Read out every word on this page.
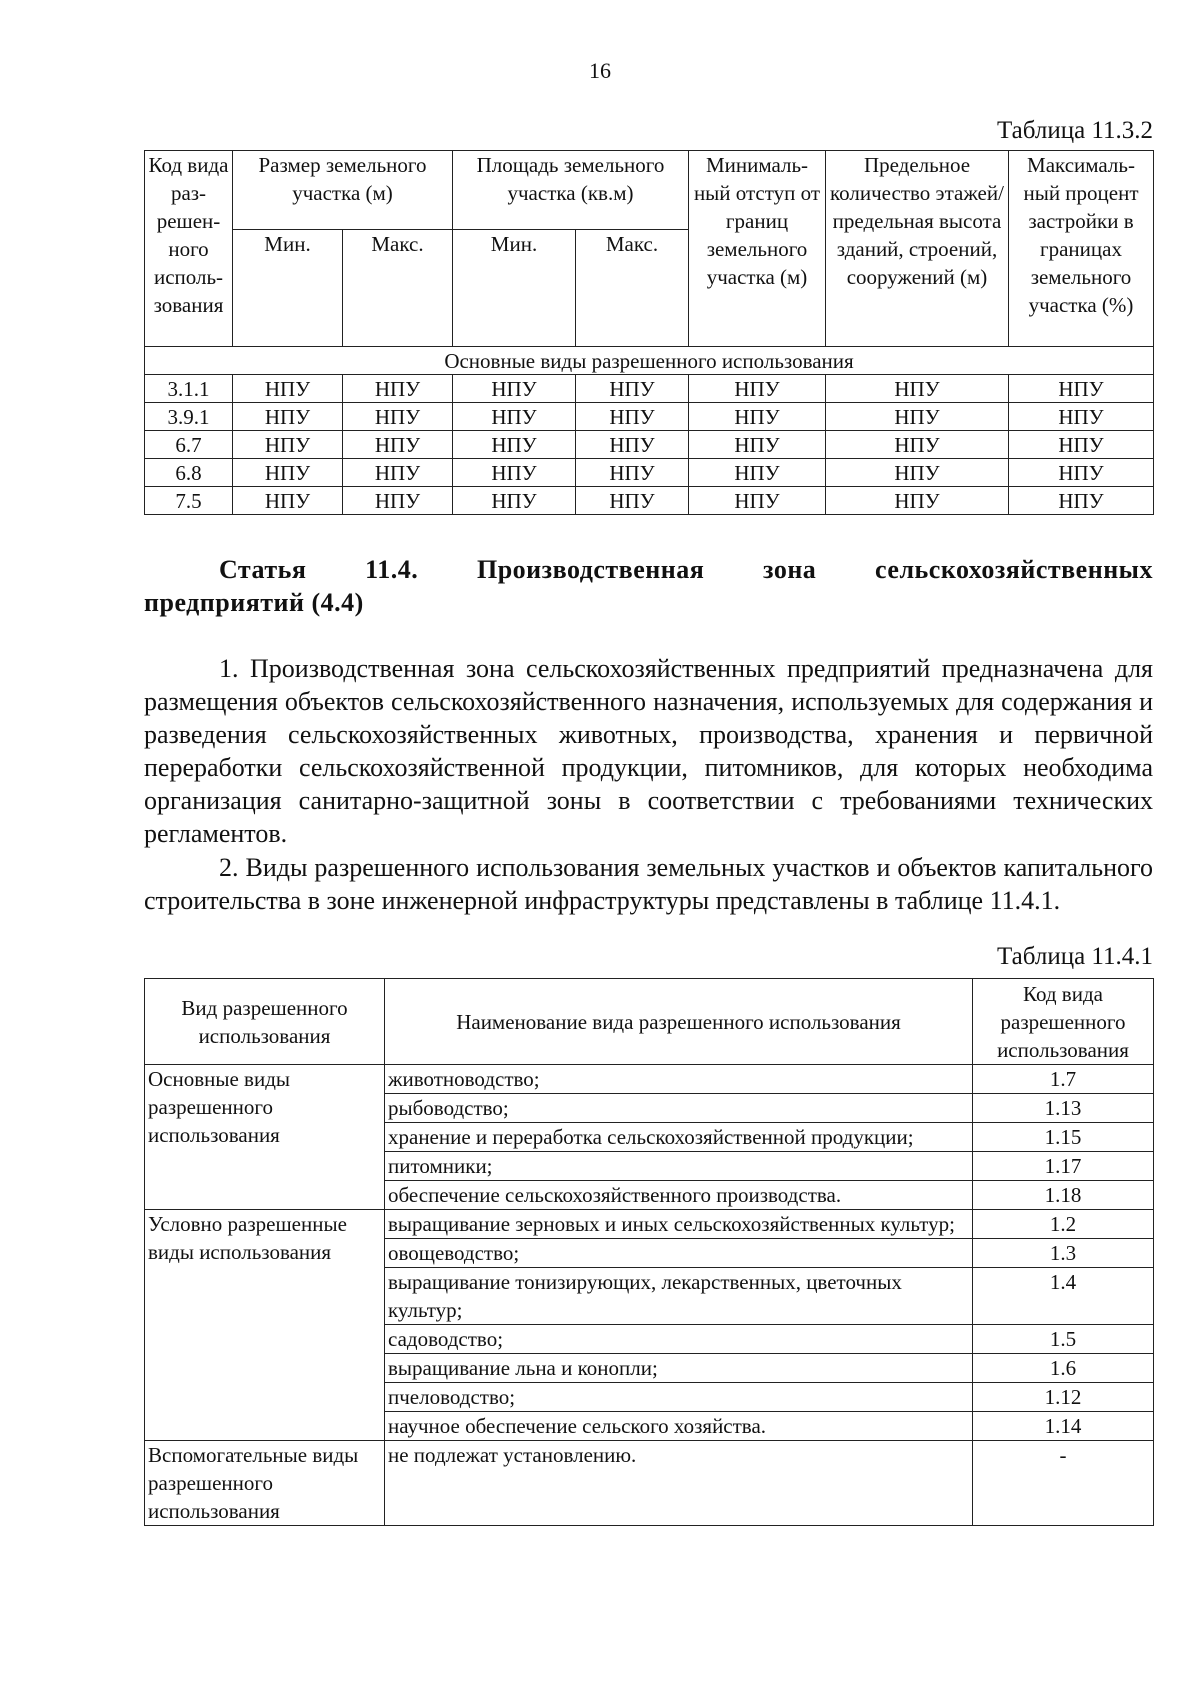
16
Таблица 11.3.2
Код вида раз-решен-ного исполь-зования	Размер земельного участка (м)		Площадь земельного участка (кв.м)		Минималь-ный отступ от границ земельного участка (м)	Предельное количество этажей/ предельная высота зданий, строений, сооружений (м)	Максималь-ный процент застройки в границах земельного участка (%)
	Мин.	Макс.	Мин.	Макс.			
Основные виды разрешенного использования							
3.1.1	НПУ	НПУ	НПУ	НПУ	НПУ	НПУ	НПУ
3.9.1	НПУ	НПУ	НПУ	НПУ	НПУ	НПУ	НПУ
6.7	НПУ	НПУ	НПУ	НПУ	НПУ	НПУ	НПУ
6.8	НПУ	НПУ	НПУ	НПУ	НПУ	НПУ	НПУ
7.5	НПУ	НПУ	НПУ	НПУ	НПУ	НПУ	НПУ
Статья 11.4. Производственная зона сельскохозяйственных
предприятий (4.4)
1. Производственная зона сельскохозяйственных предприятий предназначена для размещения объектов сельскохозяйственного назначения, используемых для содержания и разведения сельскохозяйственных животных, производства, хранения и первичной переработки сельскохозяйственной продукции, питомников, для которых необходима организация санитарно-защитной зоны в соответствии с требованиями технических регламентов.
2. Виды разрешенного использования земельных участков и объектов капитального строительства в зоне инженерной инфраструктуры представлены в таблице 11.4.1.
Таблица 11.4.1
Вид разрешенного использования	Наименование вида разрешенного использования	Код вида разрешенного использования
Основные виды разрешенного использования	животноводство;	1.7
	рыбоводство;	1.13
	хранение и переработка сельскохозяйственной продукции;	1.15
	питомники;	1.17
	обеспечение сельскохозяйственного производства.	1.18
Условно разрешенные виды использования	выращивание зерновых и иных сельскохозяйственных культур;	1.2
	овощеводство;	1.3
	выращивание тонизирующих, лекарственных, цветочных культур;	1.4
	садоводство;	1.5
	выращивание льна и конопли;	1.6
	пчеловодство;	1.12
	научное обеспечение сельского хозяйства.	1.14
Вспомогательные виды разрешенного использования	не подлежат установлению.	-
